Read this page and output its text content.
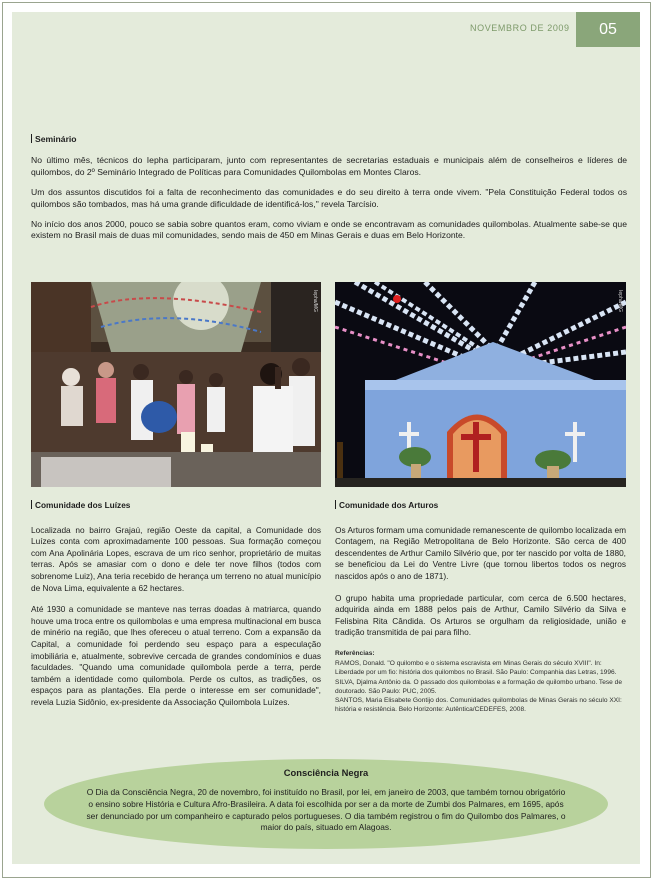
NOVEMBRO DE 2009	05
Seminário

No último mês, técnicos do Iepha participaram, junto com representantes de secretarias estaduais e municipais além de conselheiros e líderes de quilombos, do 2º Seminário Integrado de Políticas para Comunidades Quilombolas em Montes Claros.

Um dos assuntos discutidos foi a falta de reconhecimento das comunidades e do seu direito à terra onde vivem. "Pela Constituição Federal todos os quilombos são tombados, mas há uma grande dificuldade de identificá-los," revela Tarcísio.

No início dos anos 2000, pouco se sabia sobre quantos eram, como viviam e onde se encontravam as comunidades quilombolas. Atualmente sabe-se que existem no Brasil mais de duas mil comunidades, sendo mais de 450 em Minas Gerais e duas em Belo Horizonte.

Iepha/MG	Iepha/MG
Comunidade dos Luízes

Localizada no bairro Grajaú, região Oeste da capital, a Comunidade dos Luízes conta com aproximadamente 100 pessoas. Sua formação começou com Ana Apolinária Lopes, escrava de um rico senhor, proprietário de muitas terras. Após se amasiar com o dono e dele ter nove filhos (todos com sobrenome Luiz), Ana teria recebido de herança um terreno no atual município de Nova Lima, equivalente a 62 hectares.

Até 1930 a comunidade se manteve nas terras doadas à matriarca, quando houve uma troca entre os quilombolas e uma empresa multinacional em busca de minério na região, que lhes ofereceu o atual terreno. Com a expansão da Capital, a comunidade foi perdendo seu espaço para a especulação imobiliária e, atualmente, sobrevive cercada de grandes condomínios e duas faculdades. "Quando uma comunidade quilombola perde a terra, perde também a identidade como quilombola. Perde os cultos, as tradições, os espaços para as plantações. Ela perde o interesse em ser comunidade", revela Luzia Sidônio, ex-presidente da Associação Quilombola Luízes.

Comunidade dos Arturos

Os Arturos formam uma comunidade remanescente de quilombo localizada em Contagem, na Região Metropolitana de Belo Horizonte. São cerca de 400 descendentes de Arthur Camilo Silvério que, por ter nascido por volta de 1880, se beneficiou da Lei do Ventre Livre (que tornou libertos todos os negros nascidos após o ano de 1871).

O grupo habita uma propriedade particular, com cerca de 6.500 hectares, adquirida ainda em 1888 pelos pais de Arthur, Camilo Silvério da Silva e Felisbina Rita Cândida. Os Arturos se orgulham da religiosidade, união e tradição transmitida de pai para filho.

Referências:
RAMOS, Donald. "O quilombo e o sistema escravista em Minas Gerais do século XVIII". In: Liberdade por um fio: história dos quilombos no Brasil. São Paulo: Companhia das Letras, 1996.
SILVA, Djalma Antônio da. O passado dos quilombolas e a formação de quilombo urbano. Tese de doutorado. São Paulo: PUC, 2005.
SANTOS, Maria Elisabete Gontijo dos. Comunidades quilombolas de Minas Gerais no século XXI: história e resistência. Belo Horizonte: Autêntica/CEDEFES, 2008.
Consciência Negra
O Dia da Consciência Negra, 20 de novembro, foi instituído no Brasil, por lei, em janeiro de 2003, que também tornou obrigatório o ensino sobre História e Cultura Afro-Brasileira. A data foi escolhida por ser a da morte de Zumbi dos Palmares, em 1695, após ser denunciado por um companheiro e capturado pelos portugueses. O dia também registrou o fim do Quilombo dos Palmares, o maior do país, situado em Alagoas.
